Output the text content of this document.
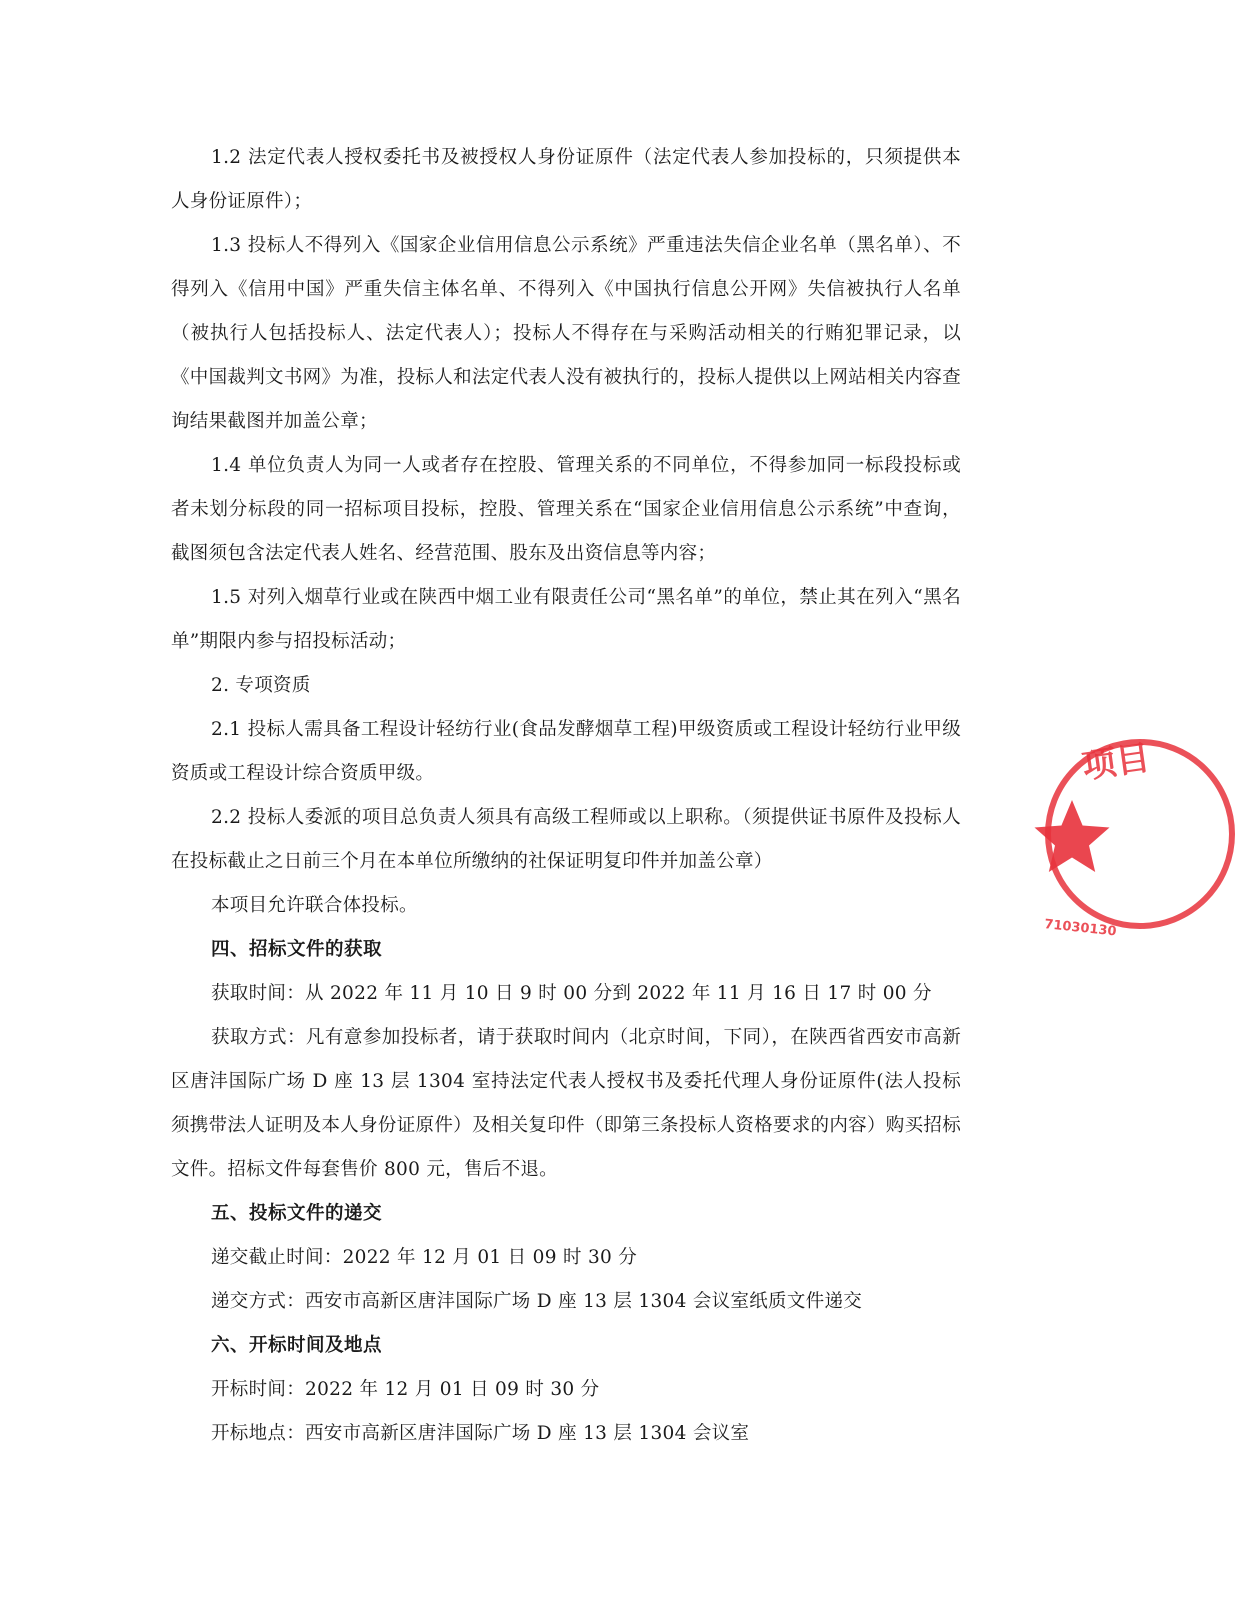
1.2 法定代表人授权委托书及被授权人身份证原件（法定代表人参加投标的，只须提供本人身份证原件）；

1.3 投标人不得列入《国家企业信用信息公示系统》严重违法失信企业名单（黑名单）、不得列入《信用中国》严重失信主体名单、不得列入《中国执行信息公开网》失信被执行人名单（被执行人包括投标人、法定代表人）；投标人不得存在与采购活动相关的行贿犯罪记录，以《中国裁判文书网》为准，投标人和法定代表人没有被执行的，投标人提供以上网站相关内容查询结果截图并加盖公章；

1.4 单位负责人为同一人或者存在控股、管理关系的不同单位，不得参加同一标段投标或者未划分标段的同一招标项目投标，控股、管理关系在“国家企业信用信息公示系统”中查询，截图须包含法定代表人姓名、经营范围、股东及出资信息等内容；

1.5 对列入烟草行业或在陕西中烟工业有限责任公司“黑名单”的单位，禁止其在列入“黑名单”期限内参与招投标活动；

2. 专项资质

2.1 投标人需具备工程设计轻纺行业(食品发酵烟草工程)甲级资质或工程设计轻纺行业甲级资质或工程设计综合资质甲级。

2.2 投标人委派的项目总负责人须具有高级工程师或以上职称。（须提供证书原件及投标人在投标截止之日前三个月在本单位所缴纳的社保证明复印件并加盖公章）

本项目允许联合体投标。

四、招标文件的获取

获取时间：从 2022 年 11 月 10 日 9 时 00 分到 2022 年 11 月 16 日 17 时 00 分

获取方式：凡有意参加投标者，请于获取时间内（北京时间，下同），在陕西省西安市高新区唐沣国际广场 D 座 13 层 1304 室持法定代表人授权书及委托代理人身份证原件(法人投标须携带法人证明及本人身份证原件）及相关复印件（即第三条投标人资格要求的内容）购买招标文件。招标文件每套售价 800 元，售后不退。

五、投标文件的递交

递交截止时间：2022 年 12 月 01 日 09 时 30 分

递交方式：西安市高新区唐沣国际广场 D 座 13 层 1304 会议室纸质文件递交

六、开标时间及地点

开标时间：2022 年 12 月 01 日 09 时 30 分

开标地点：西安市高新区唐沣国际广场 D 座 13 层 1304 会议室

项目
71030130
